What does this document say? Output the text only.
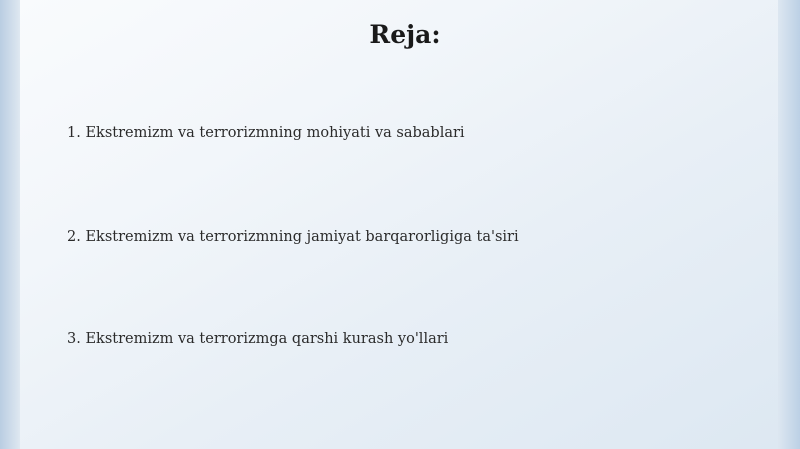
Reja:
1. Ekstremizm va terrorizmning mohiyati va sabablari
2. Ekstremizm va terrorizmning jamiyat barqarorligiga ta'siri
3. Ekstremizm va terrorizmga qarshi kurash yo'llari
